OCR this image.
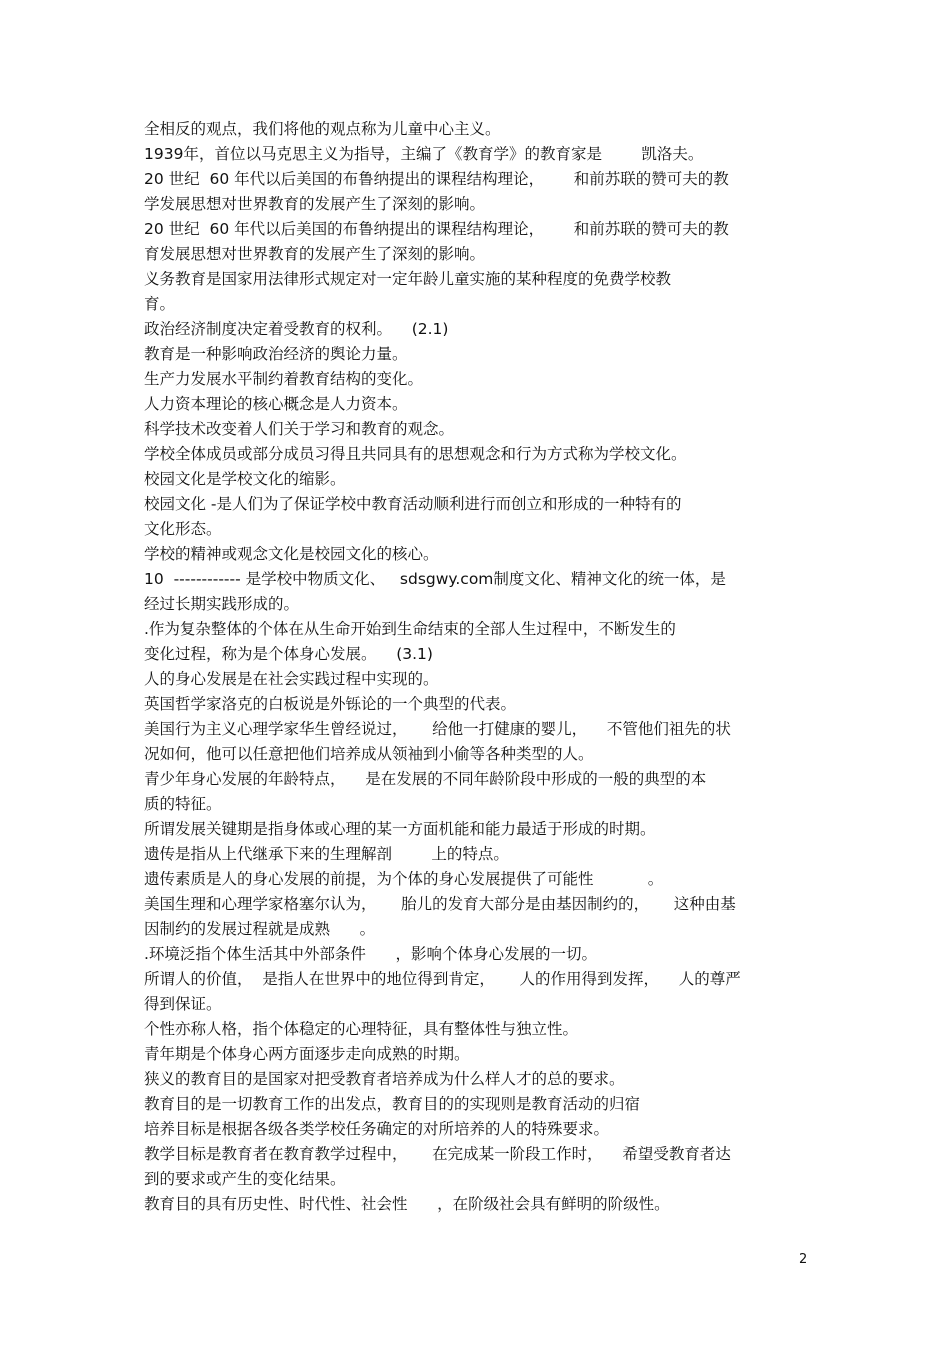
全相反的观点，我们将他的观点称为儿童中心主义。
1939年，首位以马克思主义为指导，主编了《教育学》的教育家是        凯洛夫。
20 世纪  60 年代以后美国的布鲁纳提出的课程结构理论，      和前苏联的赞可夫的教
学发展思想对世界教育的发展产生了深刻的影响。
20 世纪  60 年代以后美国的布鲁纳提出的课程结构理论，      和前苏联的赞可夫的教
育发展思想对世界教育的发展产生了深刻的影响。
义务教育是国家用法律形式规定对一定年龄儿童实施的某种程度的免费学校教
育。
政治经济制度决定着受教育的权利。    (2.1)
教育是一种影响政治经济的舆论力量。
生产力发展水平制约着教育结构的变化。
人力资本理论的核心概念是人力资本。
科学技术改变着人们关于学习和教育的观念。
学校全体成员或部分成员习得且共同具有的思想观念和行为方式称为学校文化。
校园文化是学校文化的缩影。
校园文化 -是人们为了保证学校中教育活动顺利进行而创立和形成的一种特有的
文化形态。
学校的精神或观念文化是校园文化的核心。
10  ------------ 是学校中物质文化、   sdsgwy.com制度文化、精神文化的统一体，是
经过长期实践形成的。
.作为复杂整体的个体在从生命开始到生命结束的全部人生过程中，不断发生的
变化过程，称为是个体身心发展。    (3.1)
人的身心发展是在社会实践过程中实现的。
英国哲学家洛克的白板说是外铄论的一个典型的代表。
美国行为主义心理学家华生曾经说过，     给他一打健康的婴儿，    不管他们祖先的状
况如何，他可以任意把他们培养成从领袖到小偷等各种类型的人。
青少年身心发展的年龄特点，    是在发展的不同年龄阶段中形成的一般的典型的本
质的特征。
所谓发展关键期是指身体或心理的某一方面机能和能力最适于形成的时期。
遗传是指从上代继承下来的生理解剖        上的特点。
遗传素质是人的身心发展的前提，为个体的身心发展提供了可能性           。
美国生理和心理学家格塞尔认为，     胎儿的发育大部分是由基因制约的，     这种由基
因制约的发展过程就是成熟      。
.环境泛指个体生活其中外部条件      ，影响个体身心发展的一切。
所谓人的价值，  是指人在世界中的地位得到肯定，     人的作用得到发挥，    人的尊严
得到保证。
个性亦称人格，指个体稳定的心理特征，具有整体性与独立性。
青年期是个体身心两方面逐步走向成熟的时期。
狭义的教育目的是国家对把受教育者培养成为什么样人才的总的要求。
教育目的是一切教育工作的出发点，教育目的的实现则是教育活动的归宿
培养目标是根据各级各类学校任务确定的对所培养的人的特殊要求。
教学目标是教育者在教育教学过程中，     在完成某一阶段工作时，    希望受教育者达
到的要求或产生的变化结果。
教育目的具有历史性、时代性、社会性      ，在阶级社会具有鲜明的阶级性。
2
